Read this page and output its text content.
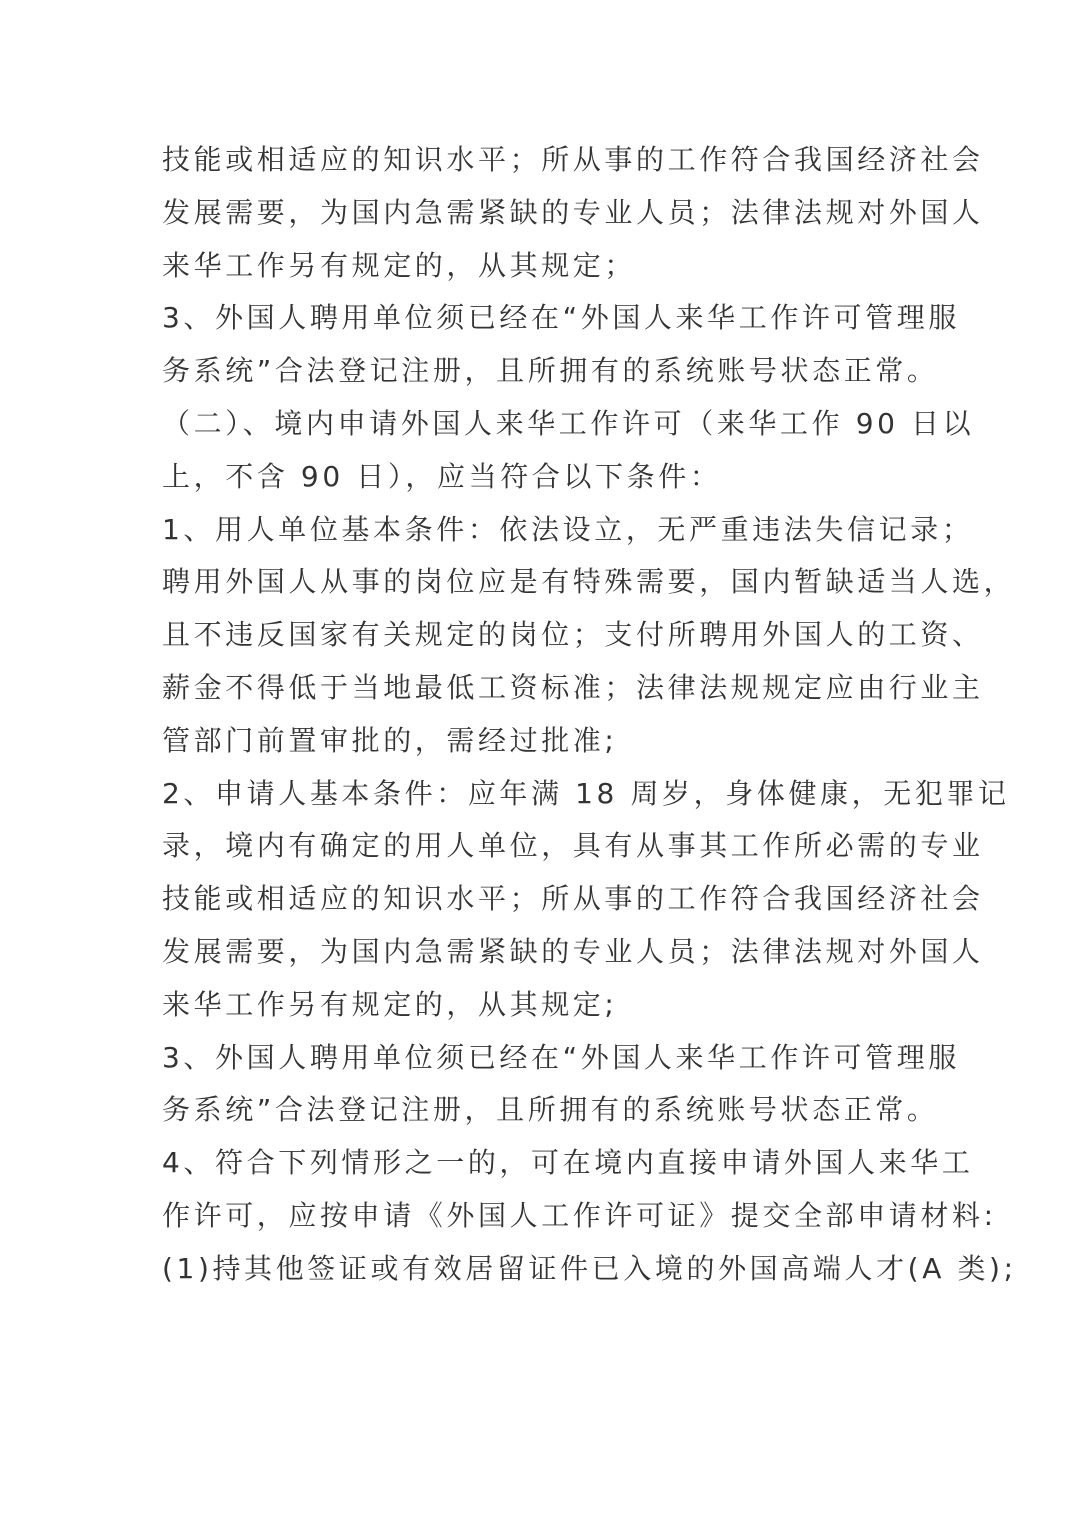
技能或相适应的知识水平；所从事的工作符合我国经济社会
发展需要，为国内急需紧缺的专业人员；法律法规对外国人
来华工作另有规定的，从其规定；
3、外国人聘用单位须已经在“外国人来华工作许可管理服
务系统”合法登记注册，且所拥有的系统账号状态正常。
（二）、境内申请外国人来华工作许可（来华工作 90 日以
上，不含 90 日），应当符合以下条件：
1、用人单位基本条件：依法设立，无严重违法失信记录；
聘用外国人从事的岗位应是有特殊需要，国内暂缺适当人选，
且不违反国家有关规定的岗位；支付所聘用外国人的工资、
薪金不得低于当地最低工资标准；法律法规规定应由行业主
管部门前置审批的，需经过批准;
2、申请人基本条件：应年满 18 周岁，身体健康，无犯罪记
录，境内有确定的用人单位，具有从事其工作所必需的专业
技能或相适应的知识水平；所从事的工作符合我国经济社会
发展需要，为国内急需紧缺的专业人员；法律法规对外国人
来华工作另有规定的，从其规定;
3、外国人聘用单位须已经在“外国人来华工作许可管理服
务系统”合法登记注册，且所拥有的系统账号状态正常。
4、符合下列情形之一的，可在境内直接申请外国人来华工
作许可，应按申请《外国人工作许可证》提交全部申请材料:
(1)持其他签证或有效居留证件已入境的外国高端人才(A 类);
